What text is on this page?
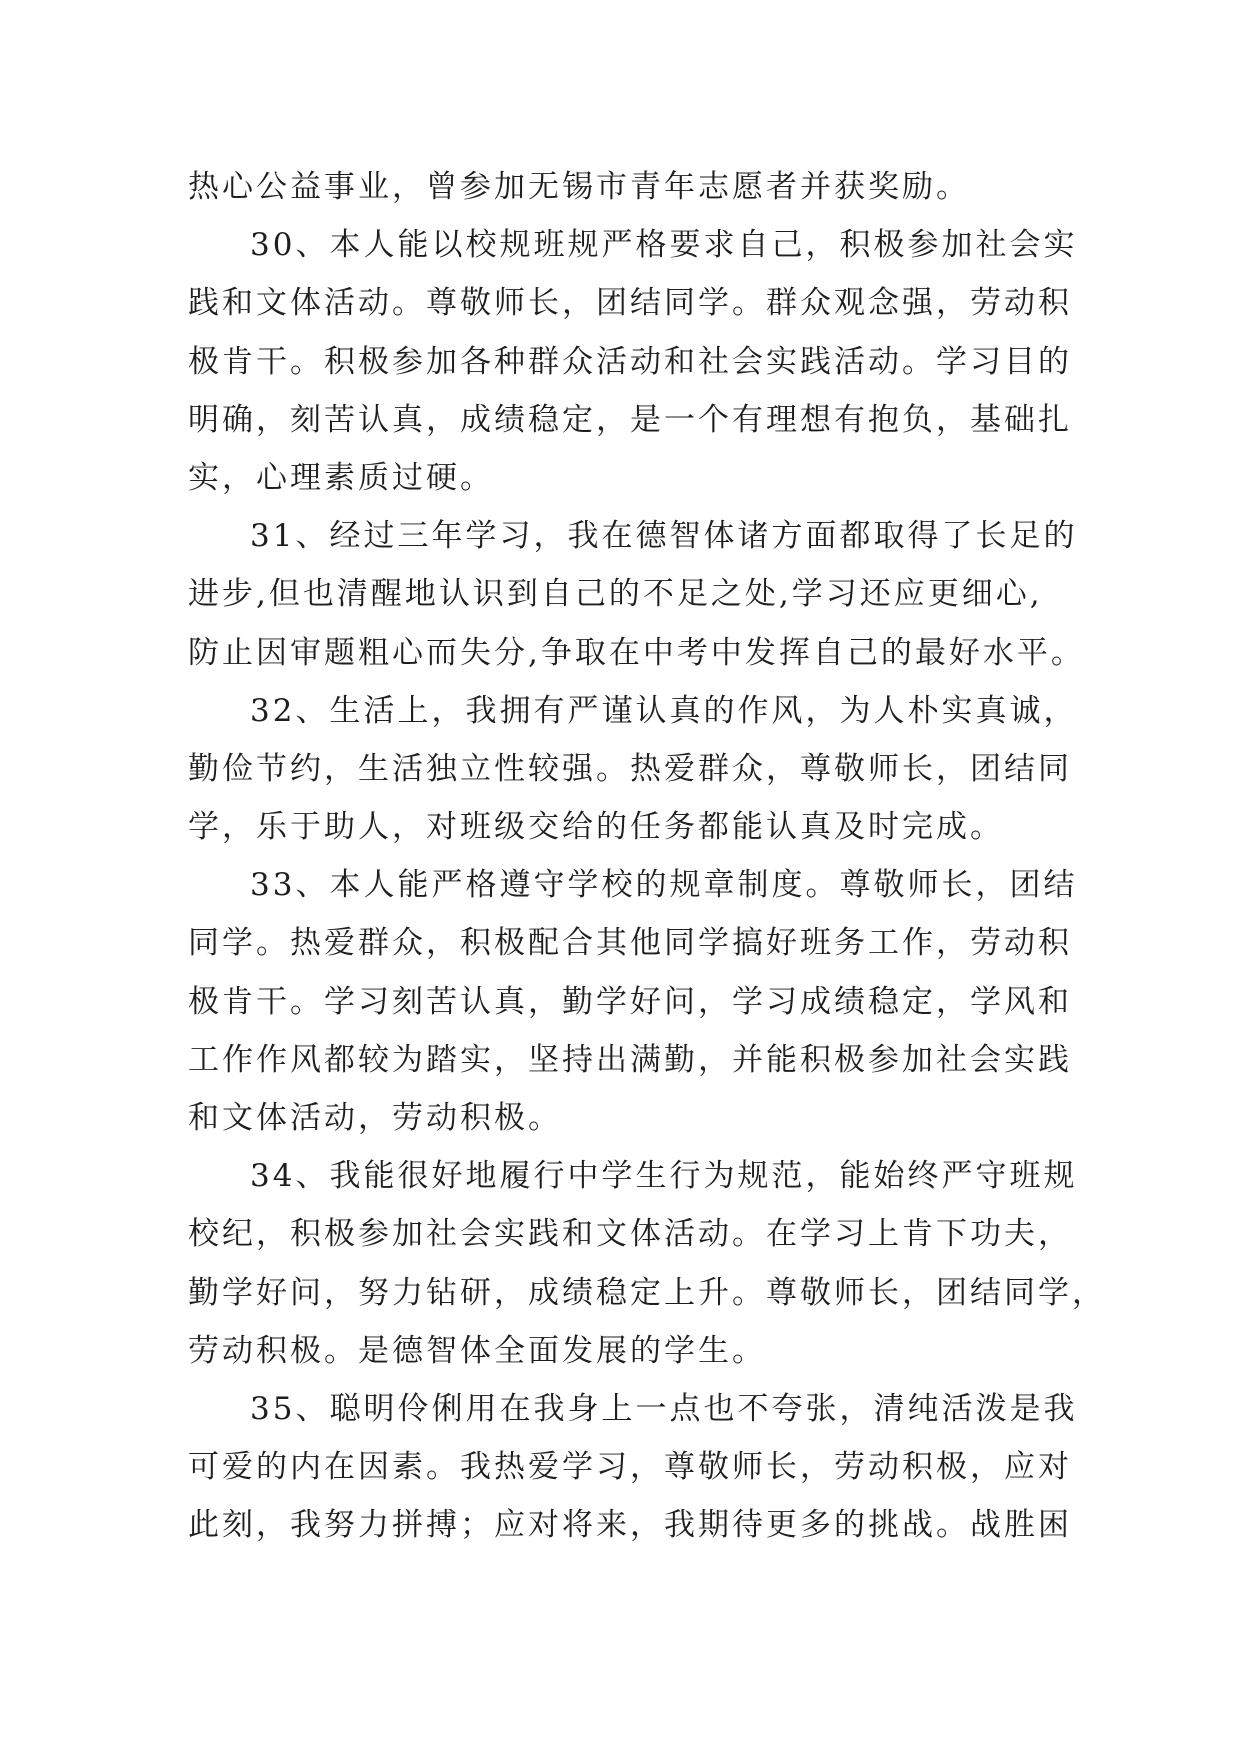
热心公益事业，曾参加无锡市青年志愿者并获奖励。
30、本人能以校规班规严格要求自己，积极参加社会实
践和文体活动。尊敬师长，团结同学。群众观念强，劳动积
极肯干。积极参加各种群众活动和社会实践活动。学习目的
明确，刻苦认真，成绩稳定，是一个有理想有抱负，基础扎
实，心理素质过硬。
31、经过三年学习，我在德智体诸方面都取得了长足的
进步,但也清醒地认识到自己的不足之处,学习还应更细心,
防止因审题粗心而失分,争取在中考中发挥自己的最好水平。
32、生活上，我拥有严谨认真的作风，为人朴实真诚，
勤俭节约，生活独立性较强。热爱群众，尊敬师长，团结同
学，乐于助人，对班级交给的任务都能认真及时完成。
33、本人能严格遵守学校的规章制度。尊敬师长，团结
同学。热爱群众，积极配合其他同学搞好班务工作，劳动积
极肯干。学习刻苦认真，勤学好问，学习成绩稳定，学风和
工作作风都较为踏实，坚持出满勤，并能积极参加社会实践
和文体活动，劳动积极。
34、我能很好地履行中学生行为规范，能始终严守班规
校纪，积极参加社会实践和文体活动。在学习上肯下功夫，
勤学好问，努力钻研，成绩稳定上升。尊敬师长，团结同学，
劳动积极。是德智体全面发展的学生。
35、聪明伶俐用在我身上一点也不夸张，清纯活泼是我
可爱的内在因素。我热爱学习，尊敬师长，劳动积极，应对
此刻，我努力拼搏；应对将来，我期待更多的挑战。战胜困
